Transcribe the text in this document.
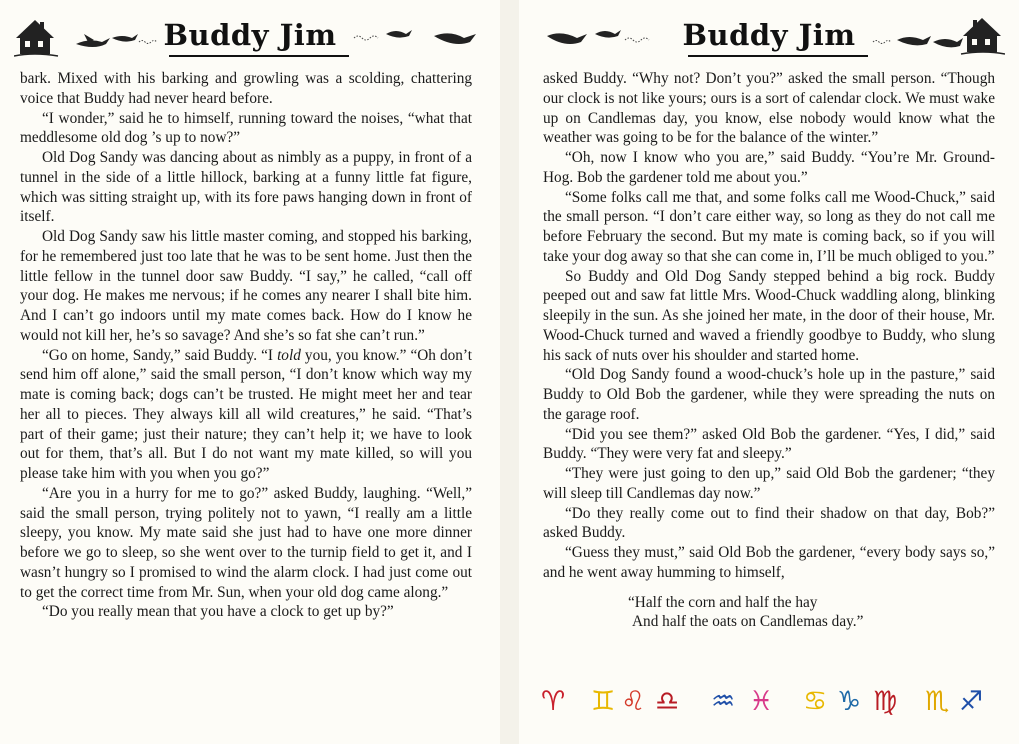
Buddy Jim

bark. Mixed with his barking and growling was a scolding, chattering voice that Buddy had never heard before.

“I wonder,” said he to himself, running toward the noises, “what that meddlesome old dog ’s up to now?”

Old Dog Sandy was dancing about as nimbly as a puppy, in front of a tunnel in the side of a little hillock, barking at a funny little fat figure, which was sitting straight up, with its fore paws hanging down in front of itself.

Old Dog Sandy saw his little master coming, and stopped his barking, for he remembered just too late that he was to be sent home. Just then the little fellow in the tunnel door saw Buddy. “I say,” he called, “call off your dog. He makes me nervous; if he comes any nearer I shall bite him. And I can’t go indoors until my mate comes back. How do I know he would not kill her, he’s so savage? And she’s so fat she can’t run.”

“Go on home, Sandy,” said Buddy. “I told you, you know.” “Oh don’t send him off alone,” said the small person, “I don’t know which way my mate is coming back; dogs can’t be trusted. He might meet her and tear her all to pieces. They always kill all wild creatures,” he said. “That’s part of their game; just their nature; they can’t help it; we have to look out for them, that’s all. But I do not want my mate killed, so will you please take him with you when you go?”

“Are you in a hurry for me to go?” asked Buddy, laughing. “Well,” said the small person, trying politely not to yawn, “I really am a little sleepy, you know. My mate said she just had to have one more dinner before we go to sleep, so she went over to the turnip field to get it, and I wasn’t hungry so I promised to wind the alarm clock. I had just come out to get the correct time from Mr. Sun, when your old dog came along.”

“Do you really mean that you have a clock to get up by?”

Buddy Jim

asked Buddy. “Why not? Don’t you?” asked the small person. “Though our clock is not like yours; ours is a sort of calendar clock. We must wake up on Candlemas day, you know, else nobody would know what the weather was going to be for the balance of the winter.”

“Oh, now I know who you are,” said Buddy. “You’re Mr. Ground-Hog. Bob the gardener told me about you.”

“Some folks call me that, and some folks call me Wood-Chuck,” said the small person. “I don’t care either way, so long as they do not call me before February the second. But my mate is coming back, so if you will take your dog away so that she can come in, I’ll be much obliged to you.”

So Buddy and Old Dog Sandy stepped behind a big rock. Buddy peeped out and saw fat little Mrs. Wood-Chuck waddling along, blinking sleepily in the sun. As she joined her mate, in the door of their house, Mr. Wood-Chuck turned and waved a friendly goodbye to Buddy, who slung his sack of nuts over his shoulder and started home.

“Old Dog Sandy found a wood-chuck’s hole up in the pasture,” said Buddy to Old Bob the gardener, while they were spreading the nuts on the garage roof.

“Did you see them?” asked Old Bob the gardener. “Yes, I did,” said Buddy. “They were very fat and sleepy.”

“They were just going to den up,” said Old Bob the gardener; “they will sleep till Candlemas day now.”

“Do they really come out to find their shadow on that day, Bob?” asked Buddy.

“Guess they must,” said Old Bob the gardener, “every body says so,” and he went away humming to himself,

“Half the corn and half the hay
And half the oats on Candlemas day.”
♈ ♊ ♌ ♎ ♒ ♓ ♋ ♑ ♍ ♏ ♐
